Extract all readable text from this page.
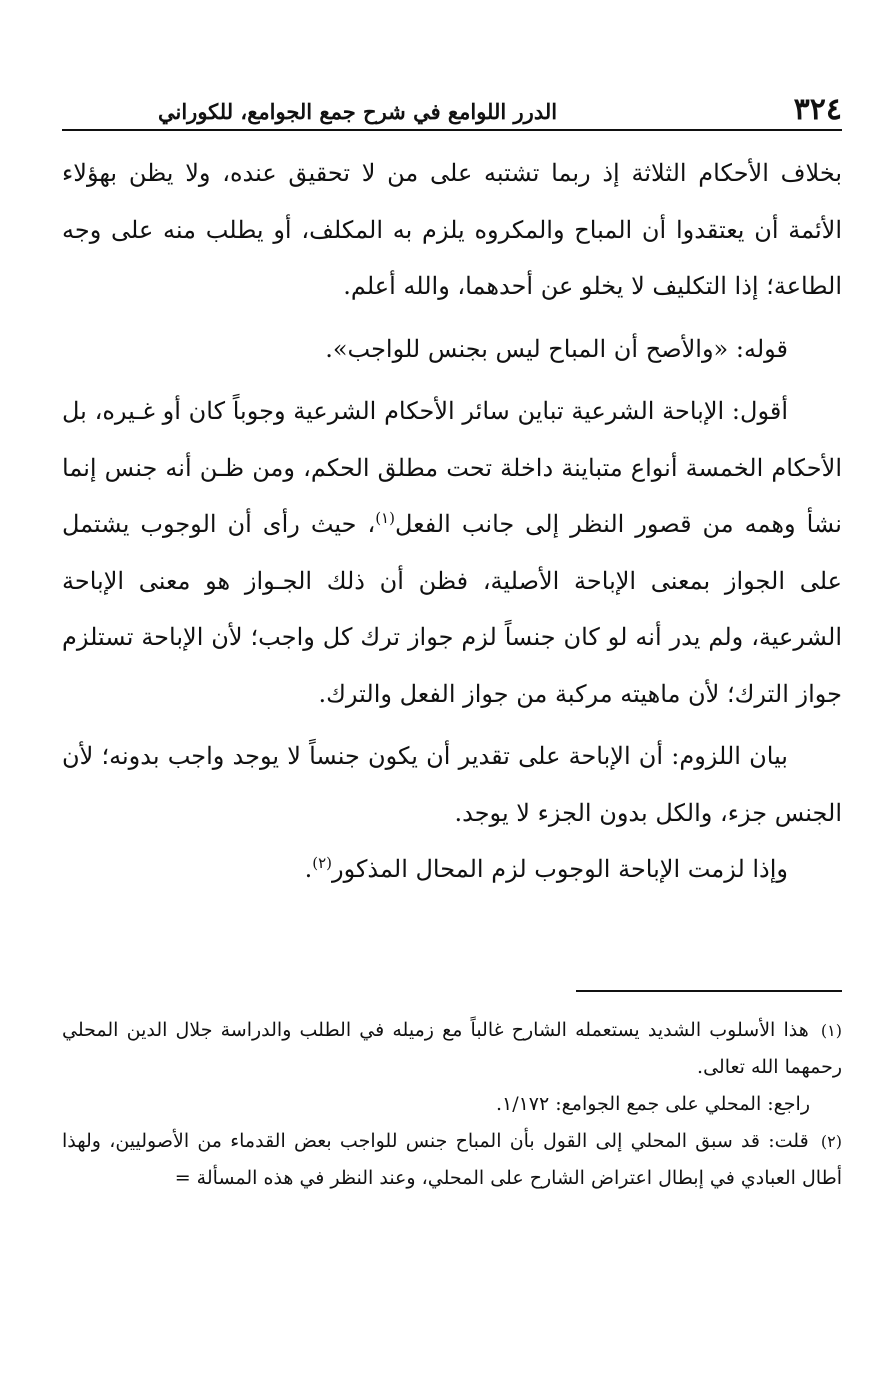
٣٢٤
الدرر اللوامع في شرح جمع الجوامع، للكوراني

بخلاف الأحكام الثلاثة إذ ربما تشتبه على من لا تحقيق عنده، ولا يظن بهؤلاء الأئمة أن يعتقدوا أن المباح والمكروه يلزم به المكلف، أو يطلب منه على وجه الطاعة؛ إذا التكليف لا يخلو عن أحدهما، والله أعلم.

قوله: «والأصح أن المباح ليس بجنس للواجب».

أقول: الإباحة الشرعية تباين سائر الأحكام الشرعية وجوباً كان أو غـيره، بل الأحكام الخمسة أنواع متباينة داخلة تحت مطلق الحكم، ومن ظـن أنه جنس إنما نشأ وهمه من قصور النظر إلى جانب الفعل$^{(١)}$، حيث رأى أن الوجوب يشتمل على الجواز بمعنى الإباحة الأصلية، فظن أن ذلك الجـواز هو معنى الإباحة الشرعية، ولم يدر أنه لو كان جنساً لزم جواز ترك كل واجب؛ لأن الإباحة تستلزم جواز الترك؛ لأن ماهيته مركبة من جواز الفعل والترك.

بيان اللزوم: أن الإباحة على تقدير أن يكون جنساً لا يوجد واجب بدونه؛ لأن الجنس جزء، والكل بدون الجزء لا يوجد.

وإذا لزمت الإباحة الوجوب لزم المحال المذكور$^{(٢)}$.

(١) هذا الأسلوب الشديد يستعمله الشارح غالباً مع زميله في الطلب والدراسة جلال الدين المحلي رحمهما الله تعالى.

راجع: المحلي على جمع الجوامع: ١/١٧٢.

(٢) قلت: قد سبق المحلي إلى القول بأن المباح جنس للواجب بعض القدماء من الأصوليين، ولهذا أطال العبادي في إبطال اعتراض الشارح على المحلي، وعند النظر في هذه المسألة =
